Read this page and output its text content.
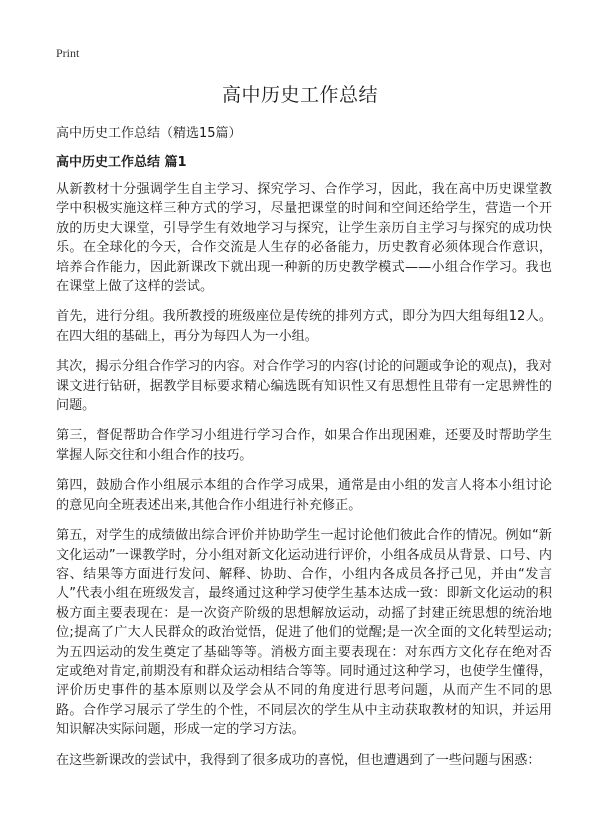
Print
高中历史工作总结

高中历史工作总结（精选15篇）

高中历史工作总结 篇1

从新教材十分强调学生自主学习、探究学习、合作学习，因此，我在高中历史课堂教学中积极实施这样三种方式的学习，尽量把课堂的时间和空间还给学生，营造一个开放的历史大课堂，引导学生有效地学习与探究，让学生亲历自主学习与探究的成功快乐。在全球化的今天，合作交流是人生存的必备能力，历史教育必须体现合作意识，培养合作能力，因此新课改下就出现一种新的历史教学模式——小组合作学习。我也在课堂上做了这样的尝试。

首先，进行分组。我所教授的班级座位是传统的排列方式，即分为四大组每组12人。在四大组的基础上，再分为每四人为一小组。

其次，揭示分组合作学习的内容。对合作学习的内容(讨论的问题或争论的观点)，我对课文进行钻研，据教学目标要求精心编选既有知识性又有思想性且带有一定思辨性的问题。

第三，督促帮助合作学习小组进行学习合作，如果合作出现困难，还要及时帮助学生掌握人际交往和小组合作的技巧。

第四，鼓励合作小组展示本组的合作学习成果，通常是由小组的发言人将本小组讨论的意见向全班表述出来,其他合作小组进行补充修正。

第五，对学生的成绩做出综合评价并协助学生一起讨论他们彼此合作的情况。例如“新文化运动”一课教学时，分小组对新文化运动进行评价，小组各成员从背景、口号、内容、结果等方面进行发问、解释、协助、合作，小组内各成员各抒己见，并由“发言人”代表小组在班级发言，最终通过这种学习使学生基本达成一致：即新文化运动的积极方面主要表现在：是一次资产阶级的思想解放运动，动摇了封建正统思想的统治地位;提高了广大人民群众的政治觉悟，促进了他们的觉醒;是一次全面的文化转型运动;为五四运动的发生奠定了基础等等。消极方面主要表现在：对东西方文化存在绝对否定或绝对肯定,前期没有和群众运动相结合等等。同时通过这种学习，也使学生懂得，评价历史事件的基本原则以及学会从不同的角度进行思考问题，从而产生不同的思路。合作学习展示了学生的个性，不同层次的学生从中主动获取教材的知识，并运用知识解决实际问题，形成一定的学习方法。

在这些新课改的尝试中，我得到了很多成功的喜悦，但也遭遇到了一些问题与困惑：
